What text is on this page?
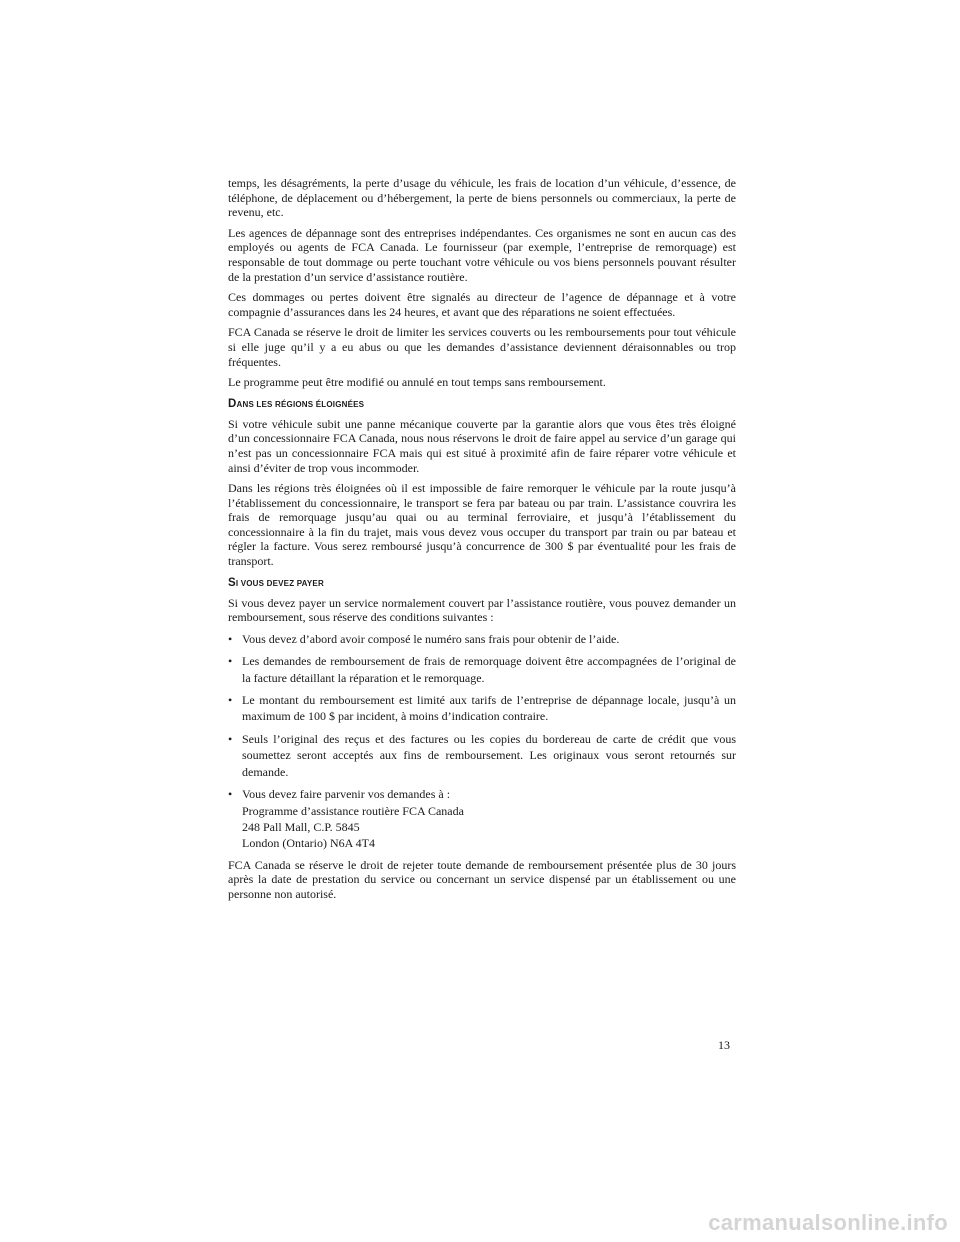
temps, les désagréments, la perte d’usage du véhicule, les frais de location d’un véhicule, d’essence, de téléphone, de déplacement ou d’hébergement, la perte de biens personnels ou commerciaux, la perte de revenu, etc.

Les agences de dépannage sont des entreprises indépendantes. Ces organismes ne sont en aucun cas des employés ou agents de FCA Canada. Le fournisseur (par exemple, l’entreprise de remorquage) est responsable de tout dommage ou perte touchant votre véhicule ou vos biens personnels pouvant résulter de la prestation d’un service d’assistance routière.

Ces dommages ou pertes doivent être signalés au directeur de l’agence de dépannage et à votre compagnie d’assurances dans les 24 heures, et avant que des réparations ne soient effectuées.

FCA Canada se réserve le droit de limiter les services couverts ou les remboursements pour tout véhicule si elle juge qu’il y a eu abus ou que les demandes d’assistance deviennent déraisonnables ou trop fréquentes.

Le programme peut être modifié ou annulé en tout temps sans remboursement.

DANS LES RÉGIONS ÉLOIGNÉES

Si votre véhicule subit une panne mécanique couverte par la garantie alors que vous êtes très éloigné d’un concessionnaire FCA Canada, nous nous réservons le droit de faire appel au service d’un garage qui n’est pas un concessionnaire FCA mais qui est situé à proximité afin de faire réparer votre véhicule et ainsi d’éviter de trop vous incommoder.

Dans les régions très éloignées où il est impossible de faire remorquer le véhicule par la route jusqu’à l’établissement du concessionnaire, le transport se fera par bateau ou par train. L’assistance couvrira les frais de remorquage jusqu’au quai ou au terminal ferroviaire, et jusqu’à l’établissement du concessionnaire à la fin du trajet, mais vous devez vous occuper du transport par train ou par bateau et régler la facture. Vous serez remboursé jusqu’à concurrence de 300 $ par éventualité pour les frais de transport.

SI VOUS DEVEZ PAYER

Si vous devez payer un service normalement couvert par l’assistance routière, vous pouvez demander un remboursement, sous réserve des conditions suivantes :

• Vous devez d’abord avoir composé le numéro sans frais pour obtenir de l’aide.
• Les demandes de remboursement de frais de remorquage doivent être accompagnées de l’original de la facture détaillant la réparation et le remorquage.
• Le montant du remboursement est limité aux tarifs de l’entreprise de dépannage locale, jusqu’à un maximum de 100 $ par incident, à moins d’indication contraire.
• Seuls l’original des reçus et des factures ou les copies du bordereau de carte de crédit que vous soumettez seront acceptés aux fins de remboursement. Les originaux vous seront retournés sur demande.
• Vous devez faire parvenir vos demandes à :
Programme d’assistance routière FCA Canada
248 Pall Mall, C.P. 5845
London (Ontario) N6A 4T4

FCA Canada se réserve le droit de rejeter toute demande de remboursement présentée plus de 30 jours après la date de prestation du service ou concernant un service dispensé par un établissement ou une personne non autorisé.

13
carmanualsonline.info
